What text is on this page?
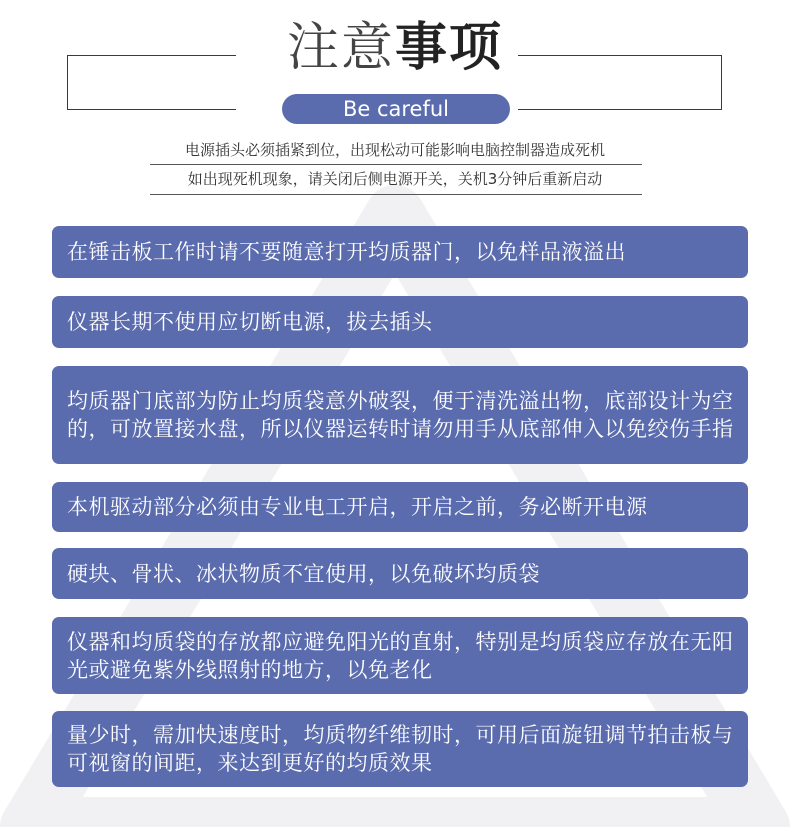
注意事项
Be careful
电源插头必须插紧到位，出现松动可能影响电脑控制器造成死机
如出现死机现象，请关闭后侧电源开关，关机3分钟后重新启动
在锤击板工作时请不要随意打开均质器门，以免样品液溢出
仪器长期不使用应切断电源，拔去插头
均质器门底部为防止均质袋意外破裂，便于清洗溢出物，底部设计为空的，可放置接水盘，所以仪器运转时请勿用手从底部伸入以免绞伤手指
本机驱动部分必须由专业电工开启，开启之前，务必断开电源
硬块、骨状、冰状物质不宜使用，以免破坏均质袋
仪器和均质袋的存放都应避免阳光的直射，特别是均质袋应存放在无阳光或避免紫外线照射的地方，以免老化
量少时，需加快速度时，均质物纤维韧时，可用后面旋钮调节拍击板与可视窗的间距，来达到更好的均质效果
